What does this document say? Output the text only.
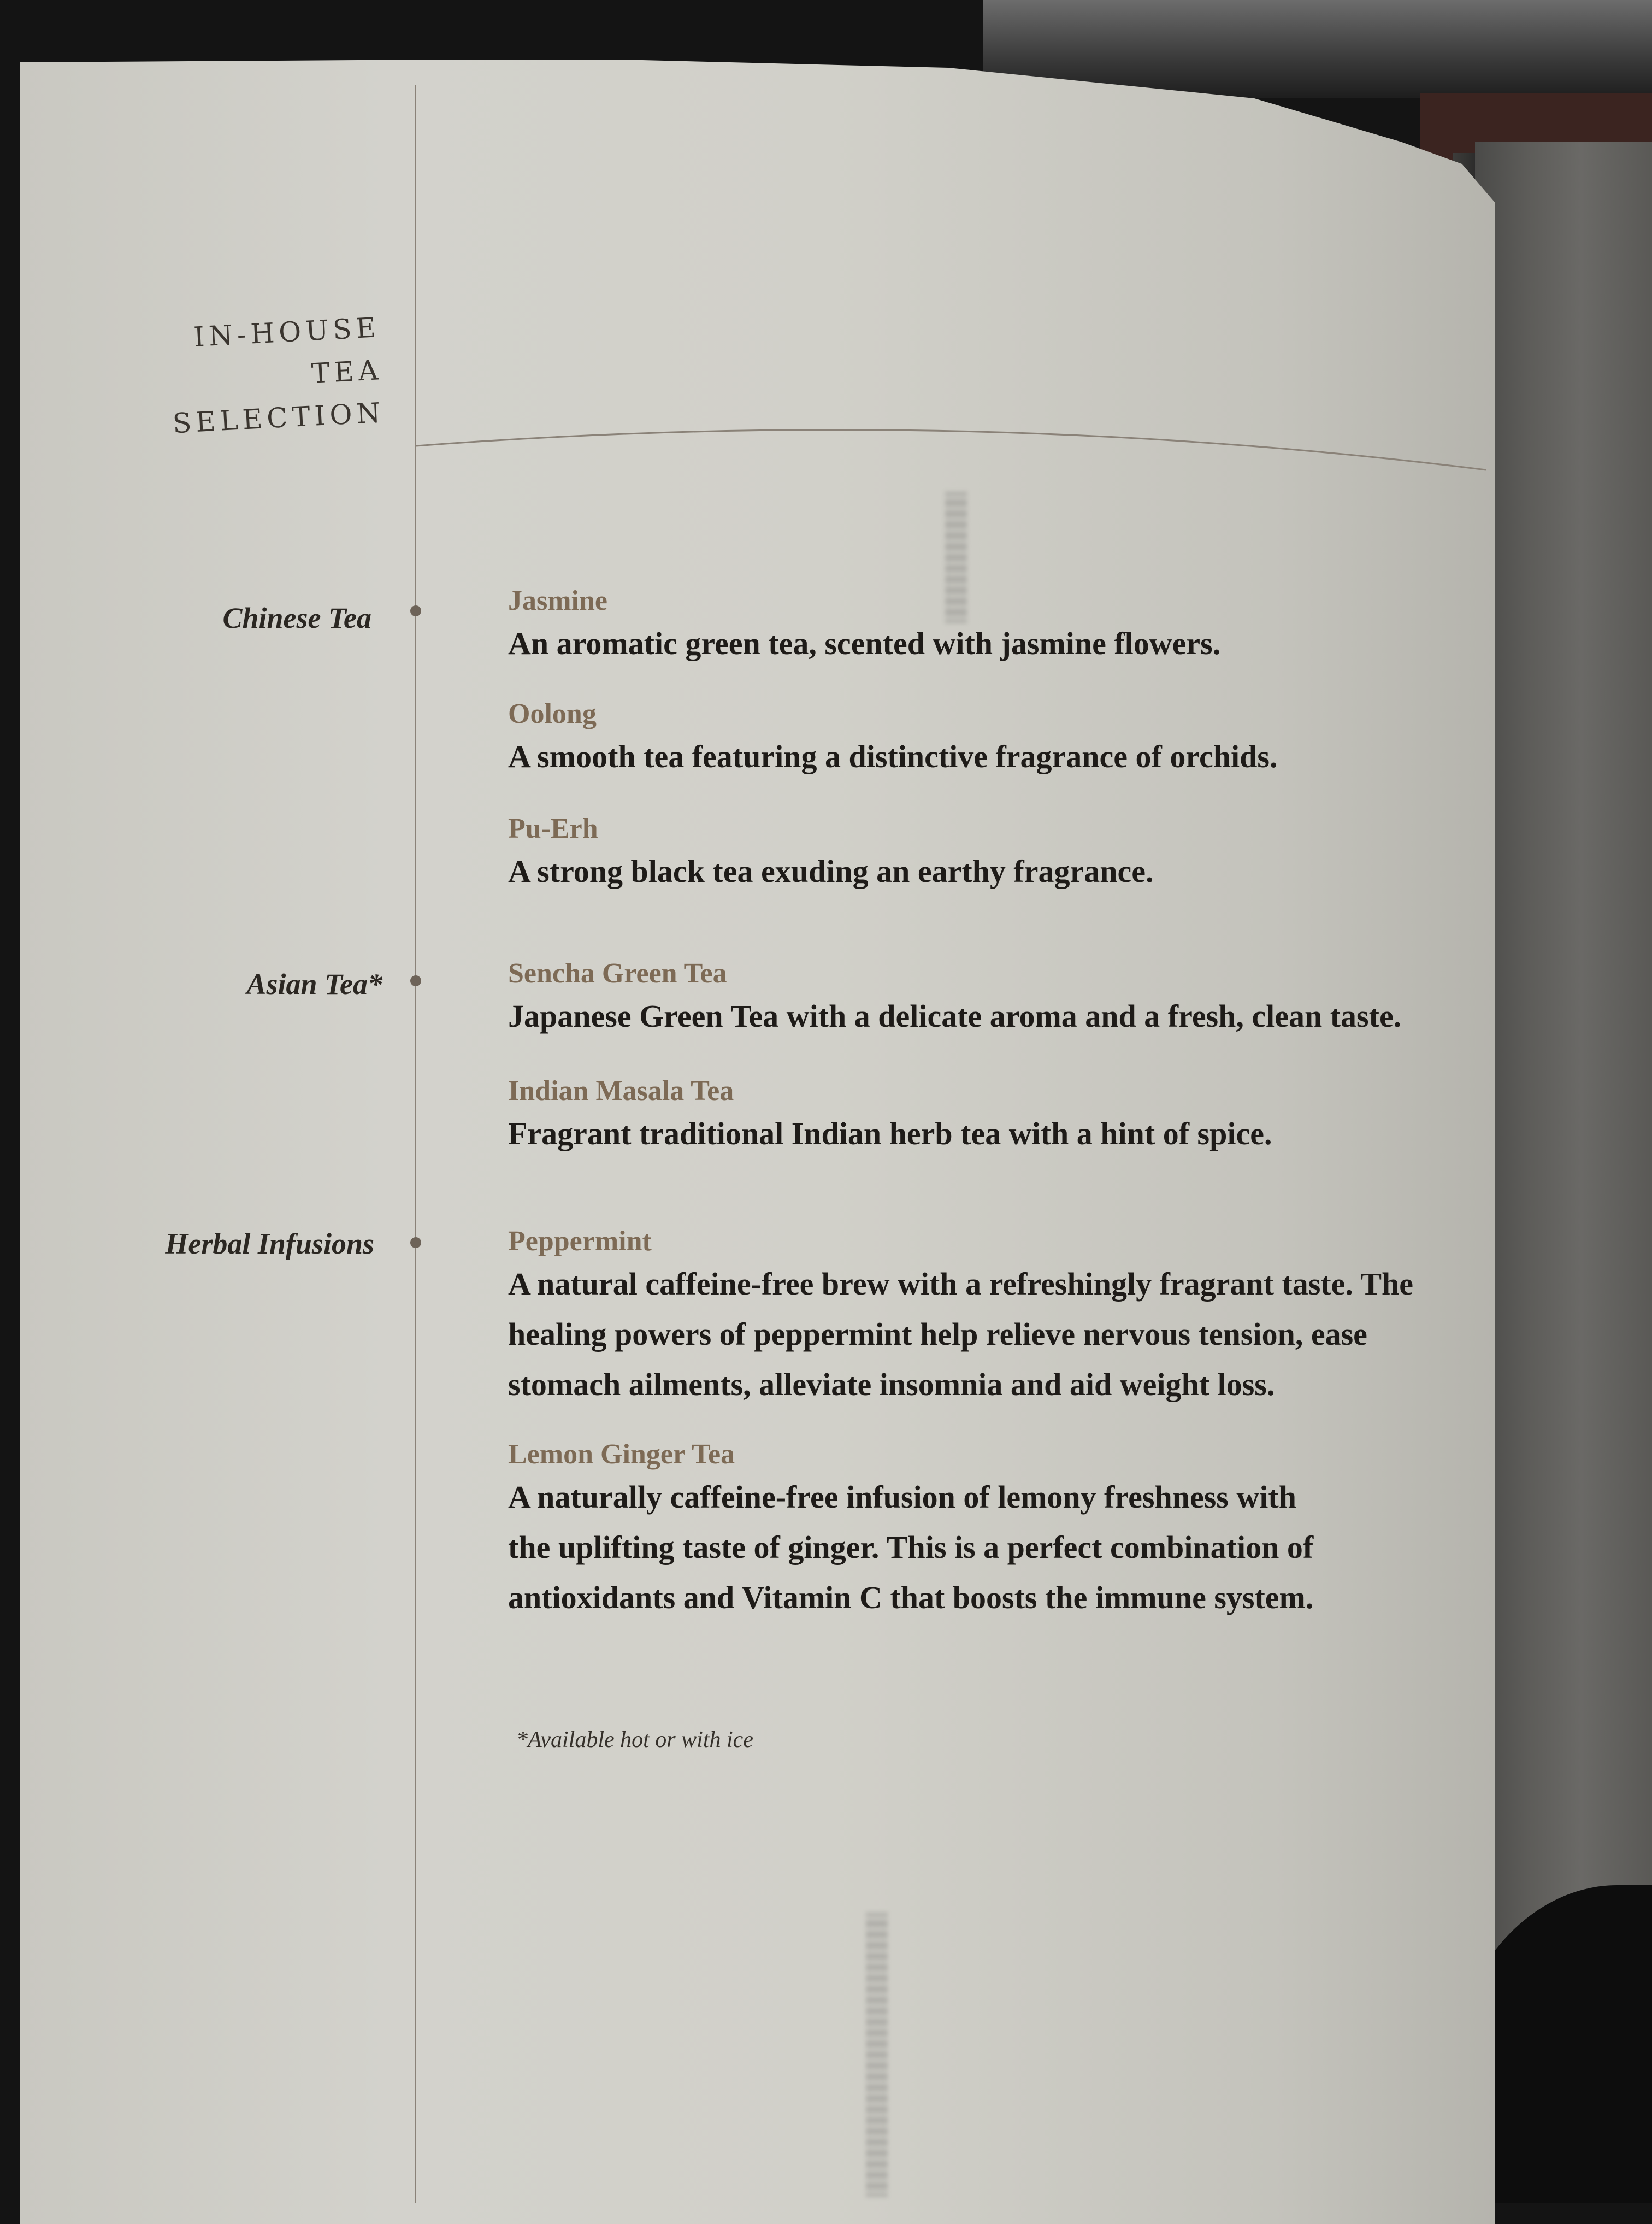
IN-HOUSE TEA
SELECTION

Chinese Tea

Jasmine
An aromatic green tea, scented with jasmine flowers.
Oolong
A smooth tea featuring a distinctive fragrance of orchids.
Pu-Erh
A strong black tea exuding an earthy fragrance.

Asian Tea*	Sencha Green Tea
Japanese Green Tea with a delicate aroma and a fresh, clean taste.
Indian Masala Tea
Fragrant traditional Indian herb tea with a hint of spice.

Herbal Infusions	Peppermint
A natural caffeine-free brew with a refreshingly fragrant taste. The
healing powers of peppermint help relieve nervous tension, ease
stomach ailments, alleviate insomnia and aid weight loss.
Lemon Ginger Tea
A naturally caffeine-free infusion of lemony freshness with
the uplifting taste of ginger. This is a perfect combination of
antioxidants and Vitamin C that boosts the immune system.
*Available hot or with ice
